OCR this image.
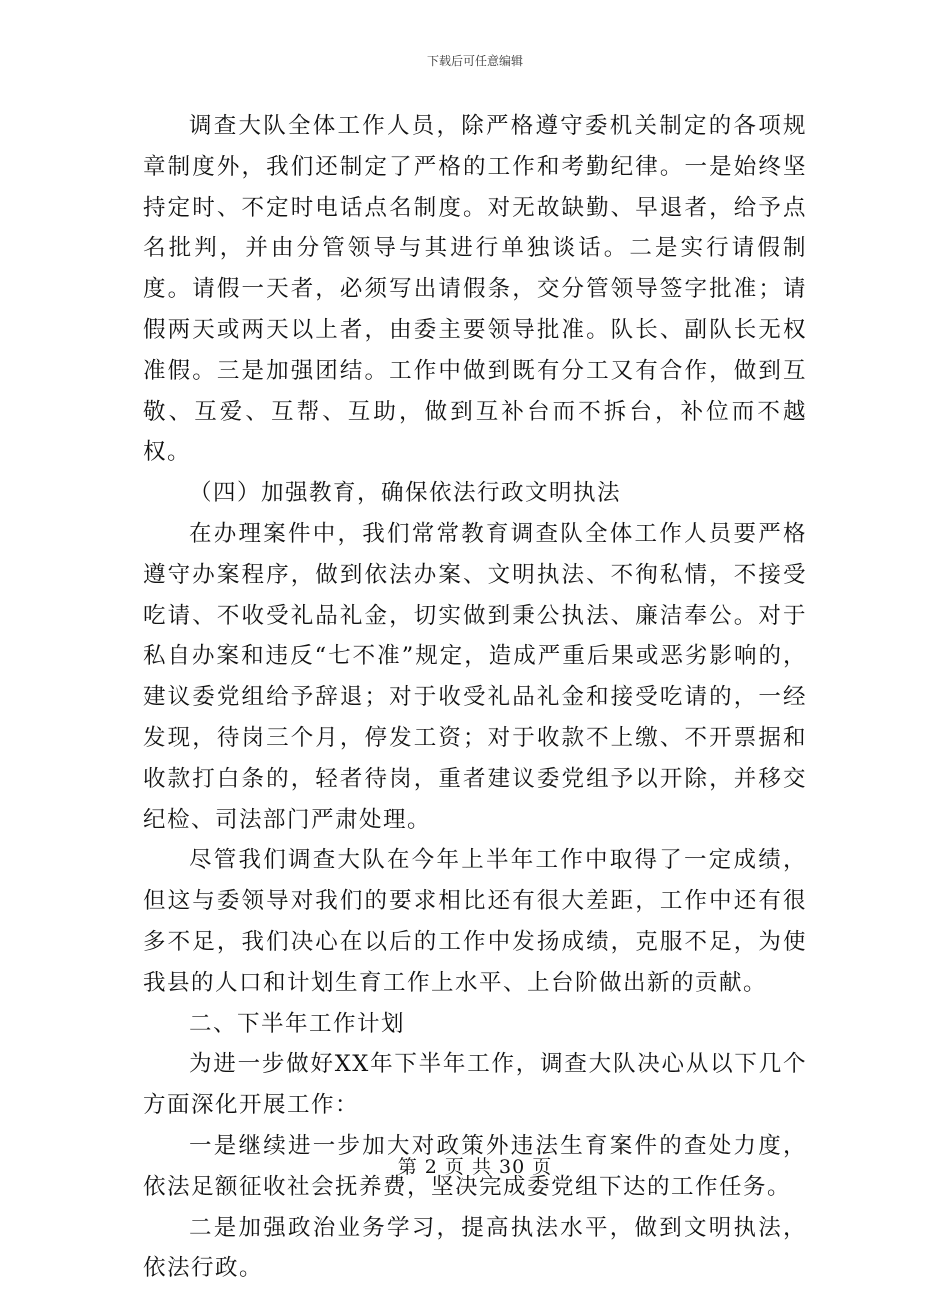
下载后可任意编辑

调查大队全体工作人员，除严格遵守委机关制定的各项规章制度外，我们还制定了严格的工作和考勤纪律。一是始终坚持定时、不定时电话点名制度。对无故缺勤、早退者，给予点名批判，并由分管领导与其进行单独谈话。二是实行请假制度。请假一天者，必须写出请假条，交分管领导签字批准；请假两天或两天以上者，由委主要领导批准。队长、副队长无权准假。三是加强团结。工作中做到既有分工又有合作，做到互敬、互爱、互帮、互助，做到互补台而不拆台，补位而不越权。

（四）加强教育，确保依法行政文明执法

在办理案件中，我们常常教育调查队全体工作人员要严格遵守办案程序，做到依法办案、文明执法、不徇私情，不接受吃请、不收受礼品礼金，切实做到秉公执法、廉洁奉公。对于私自办案和违反“七不准”规定，造成严重后果或恶劣影响的，建议委党组给予辞退；对于收受礼品礼金和接受吃请的，一经发现，待岗三个月，停发工资；对于收款不上缴、不开票据和收款打白条的，轻者待岗，重者建议委党组予以开除，并移交纪检、司法部门严肃处理。

尽管我们调查大队在今年上半年工作中取得了一定成绩，但这与委领导对我们的要求相比还有很大差距，工作中还有很多不足，我们决心在以后的工作中发扬成绩，克服不足，为使我县的人口和计划生育工作上水平、上台阶做出新的贡献。

二、下半年工作计划

为进一步做好XX年下半年工作，调查大队决心从以下几个方面深化开展工作：

一是继续进一步加大对政策外违法生育案件的查处力度，依法足额征收社会抚养费，坚决完成委党组下达的工作任务。

二是加强政治业务学习，提高执法水平，做到文明执法，依法行政。

第 2 页 共 30 页
